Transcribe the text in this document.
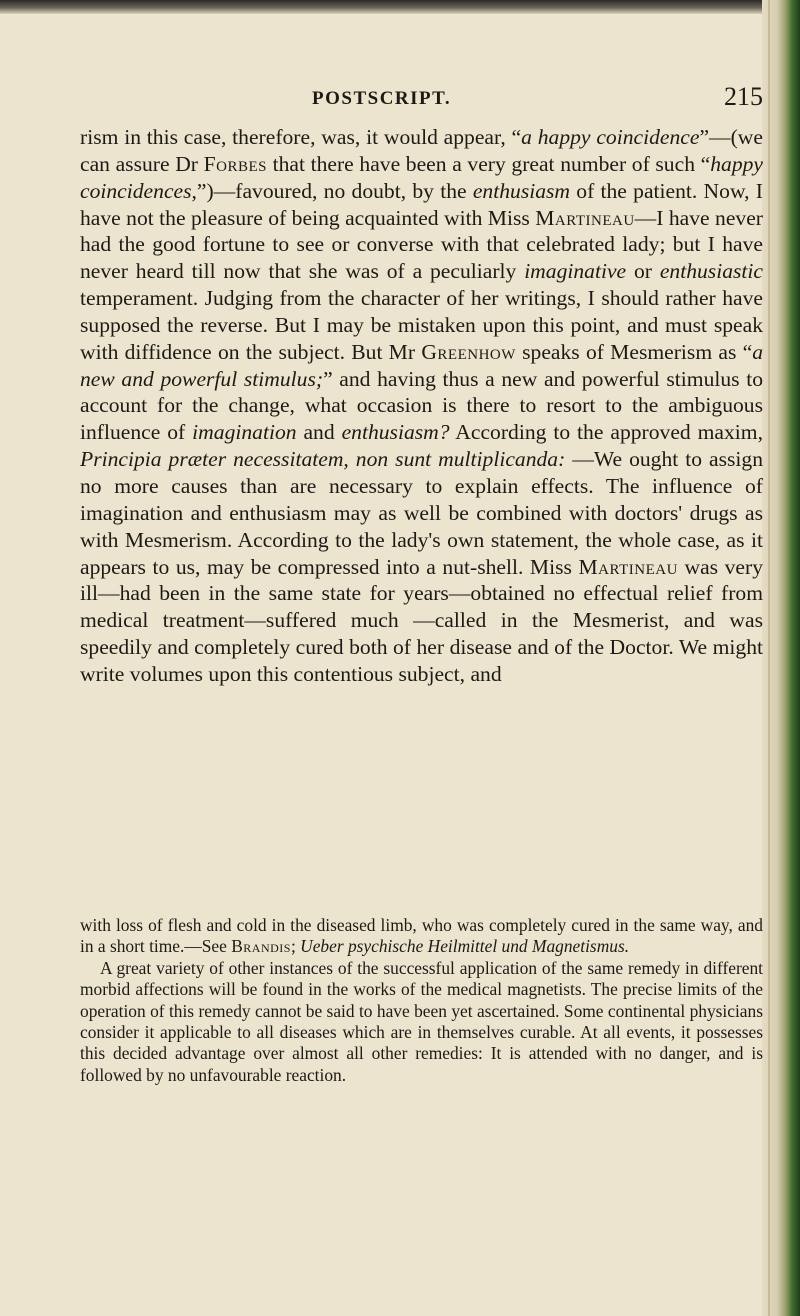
POSTSCRIPT.	215

rism in this case, therefore, was, it would appear, “a happy coincidence”—(we can assure Dr Forbes that there have been a very great number of such “happy coincidences,”)—favoured, no doubt, by the enthusiasm of the patient. Now, I have not the pleasure of being acquainted with Miss Martineau—I have never had the good fortune to see or converse with that celebrated lady; but I have never heard till now that she was of a peculiarly imaginative or enthusiastic temperament. Judging from the character of her writings, I should rather have supposed the reverse. But I may be mistaken upon this point, and must speak with diffidence on the subject. But Mr Greenhow speaks of Mesmerism as “a new and powerful stimulus;” and having thus a new and powerful stimulus to account for the change, what occasion is there to resort to the ambiguous influence of imagination and enthusiasm? According to the approved maxim, Principia præter necessitatem, non sunt multiplicanda: —We ought to assign no more causes than are necessary to explain effects. The influence of imagination and enthusiasm may as well be combined with doctors' drugs as with Mesmerism. According to the lady's own statement, the whole case, as it appears to us, may be compressed into a nut-shell. Miss Martineau was very ill—had been in the same state for years—obtained no effectual relief from medical treatment—suffered much —called in the Mesmerist, and was speedily and completely cured both of her disease and of the Doctor. We might write volumes upon this contentious subject, and

with loss of flesh and cold in the diseased limb, who was completely cured in the same way, and in a short time.—See Brandis; Ueber psychische Heilmittel und Magnetismus.

A great variety of other instances of the successful application of the same remedy in different morbid affections will be found in the works of the medical magnetists. The precise limits of the operation of this remedy cannot be said to have been yet ascertained. Some continental physicians consider it applicable to all diseases which are in themselves curable. At all events, it possesses this decided advantage over almost all other remedies: It is attended with no danger, and is followed by no unfavourable reaction.
